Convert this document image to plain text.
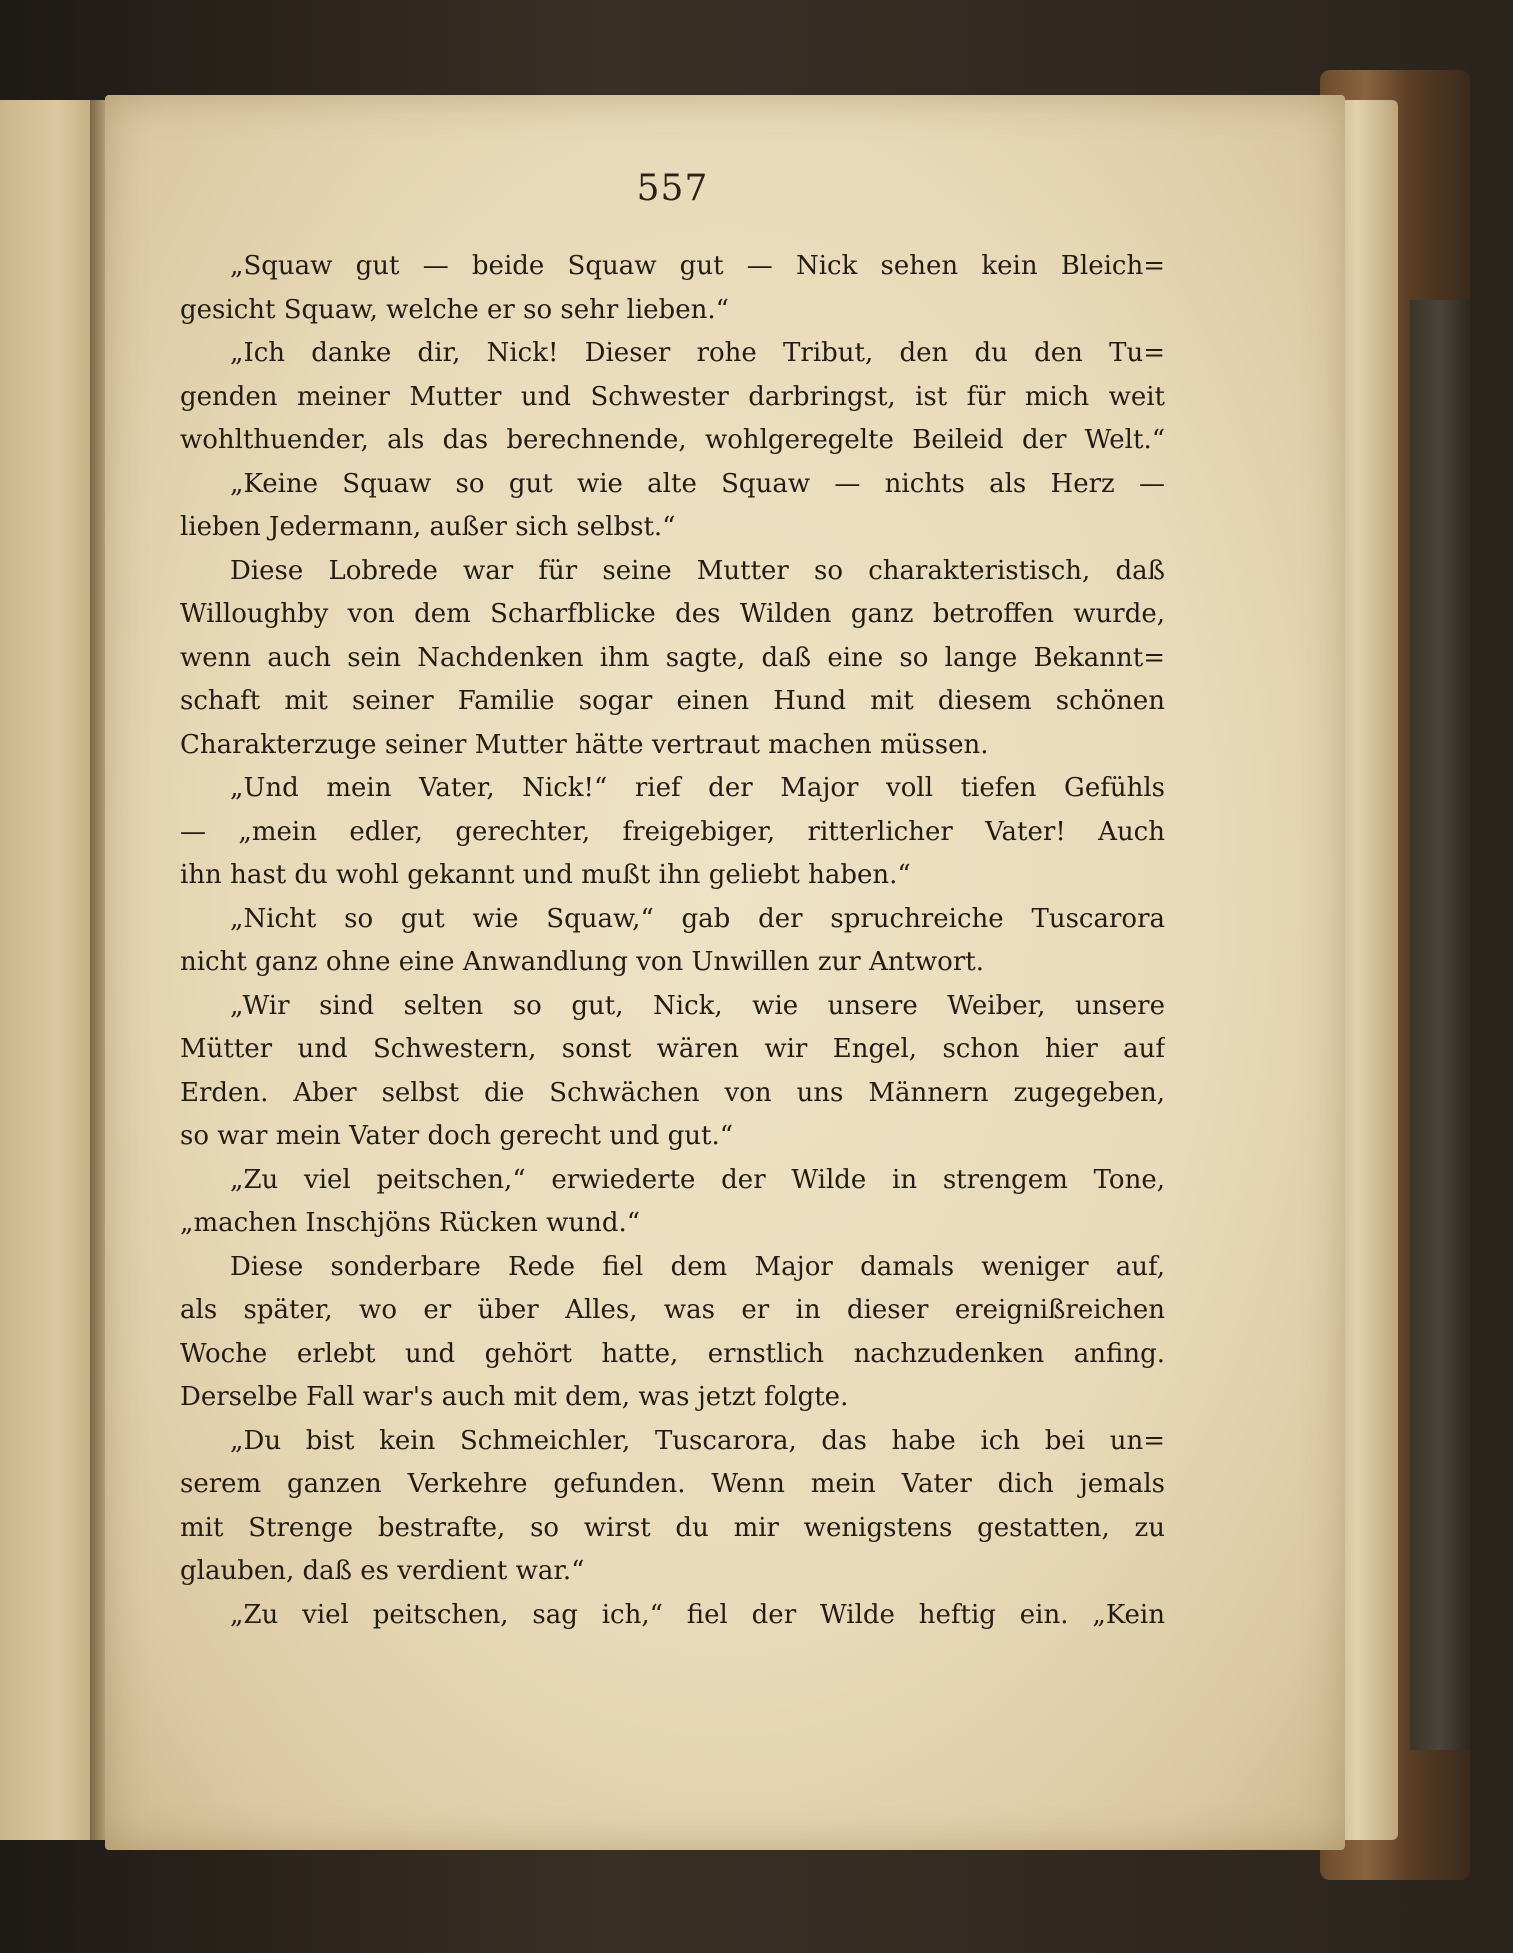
557
„Squaw gut — beide Squaw gut — Nick sehen kein Bleich=
gesicht Squaw, welche er so sehr lieben.“
„Ich danke dir, Nick! Dieser rohe Tribut, den du den Tu=
genden meiner Mutter und Schwester darbringst, ist für mich weit
wohlthuender, als das berechnende, wohlgeregelte Beileid der Welt.“
„Keine Squaw so gut wie alte Squaw — nichts als Herz —
lieben Jedermann, außer sich selbst.“
Diese Lobrede war für seine Mutter so charakteristisch, daß
Willoughby von dem Scharfblicke des Wilden ganz betroffen wurde,
wenn auch sein Nachdenken ihm sagte, daß eine so lange Bekannt=
schaft mit seiner Familie sogar einen Hund mit diesem schönen
Charakterzuge seiner Mutter hätte vertraut machen müssen.
„Und mein Vater, Nick!“ rief der Major voll tiefen Gefühls
— „mein edler, gerechter, freigebiger, ritterlicher Vater! Auch
ihn hast du wohl gekannt und mußt ihn geliebt haben.“
„Nicht so gut wie Squaw,“ gab der spruchreiche Tuscarora
nicht ganz ohne eine Anwandlung von Unwillen zur Antwort.
„Wir sind selten so gut, Nick, wie unsere Weiber, unsere
Mütter und Schwestern, sonst wären wir Engel, schon hier auf
Erden. Aber selbst die Schwächen von uns Männern zugegeben,
so war mein Vater doch gerecht und gut.“
„Zu viel peitschen,“ erwiederte der Wilde in strengem Tone,
„machen Inschjöns Rücken wund.“
Diese sonderbare Rede fiel dem Major damals weniger auf,
als später, wo er über Alles, was er in dieser ereignißreichen
Woche erlebt und gehört hatte, ernstlich nachzudenken anfing.
Derselbe Fall war's auch mit dem, was jetzt folgte.
„Du bist kein Schmeichler, Tuscarora, das habe ich bei un=
serem ganzen Verkehre gefunden. Wenn mein Vater dich jemals
mit Strenge bestrafte, so wirst du mir wenigstens gestatten, zu
glauben, daß es verdient war.“
„Zu viel peitschen, sag ich,“ fiel der Wilde heftig ein. „Kein
